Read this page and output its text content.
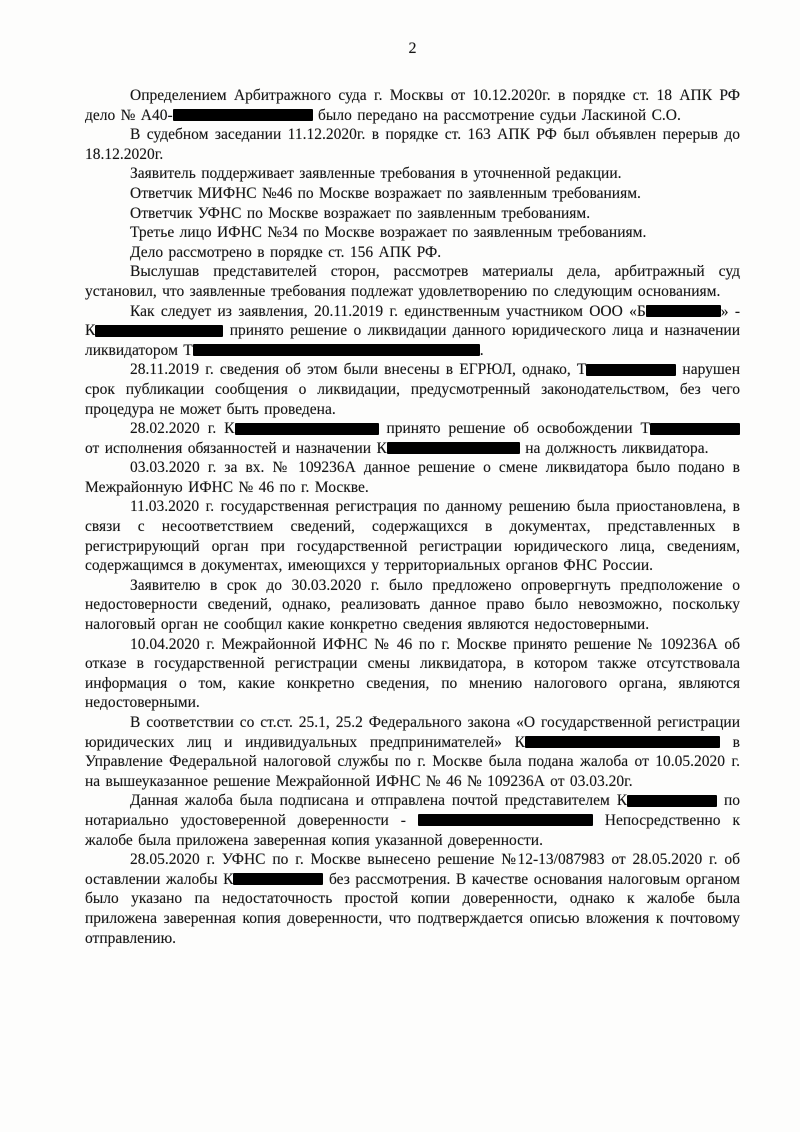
2

Определением Арбитражного суда г. Москвы от 10.12.2020г. в порядке ст. 18 АПК РФ дело № А40-	было передано на рассмотрение судьи Ласкиной С.О.

В судебном заседании 11.12.2020г. в порядке ст. 163 АПК РФ был объявлен перерыв до 18.12.2020г.

Заявитель поддерживает заявленные требования в уточненной редакции.

Ответчик МИФНС №46 по Москве возражает по заявленным требованиям.

Ответчик УФНС по Москве возражает по заявленным требованиям.

Третье лицо ИФНС №34 по Москве возражает по заявленным требованиям.

Дело рассмотрено в порядке ст. 156 АПК РФ.

Выслушав представителей сторон, рассмотрев материалы дела, арбитражный суд установил, что заявленные требования подлежат удовлетворению по следующим основаниям.

Как следует из заявления, 20.11.2019 г. единственным участником ООО «Б	» - К	принято решение о ликвидации данного юридического лица и назначении ликвидатором Т	.

28.11.2019 г. сведения об этом были внесены в ЕГРЮЛ, однако, Т	нарушен срок публикации сообщения о ликвидации, предусмотренный законодательством, без чего процедура не может быть проведена.

28.02.2020 г. К	принято решение об освобождении Т от исполнения обязанностей и назначении К	на должность ликвидатора.

03.03.2020 г. за вх. № 109236А данное решение о смене ликвидатора было подано в Межрайонную ИФНС № 46 по г. Москве.

11.03.2020 г. государственная регистрация по данному решению была приостановлена, в связи с несоответствием сведений, содержащихся в документах, представленных в регистрирующий орган при государственной регистрации юридического лица, сведениям, содержащимся в документах, имеющихся у территориальных органов ФНС России.

Заявителю в срок до 30.03.2020 г. было предложено опровергнуть предположение о недостоверности сведений, однако, реализовать данное право было невозможно, поскольку налоговый орган не сообщил какие конкретно сведения являются недостоверными.

10.04.2020 г. Межрайонной ИФНС № 46 по г. Москве принято решение № 109236А об отказе в государственной регистрации смены ликвидатора, в котором также отсутствовала информация о том, какие конкретно сведения, по мнению налогового органа, являются недостоверными.

В соответствии со ст.ст. 25.1, 25.2 Федерального закона «О государственной регистрации юридических лиц и индивидуальных предпринимателей» К	в Управление Федеральной налоговой службы по г. Москве была подана жалоба от 10.05.2020 г. на вышеуказанное решение Межрайонной ИФНС № 46 № 109236А от 03.03.20г.

Данная жалоба была подписана и отправлена почтой представителем К	по нотариально удостоверенной доверенности -	Непосредственно к жалобе была приложена заверенная копия указанной доверенности.

28.05.2020 г. УФНС по г. Москве вынесено решение №12-13/087983 от 28.05.2020 г. об оставлении жалобы К	без рассмотрения. В качестве основания налоговым органом было указано па недостаточность простой копии доверенности, однако к жалобе была приложена заверенная копия доверенности, что подтверждается описью вложения к почтовому отправлению.
